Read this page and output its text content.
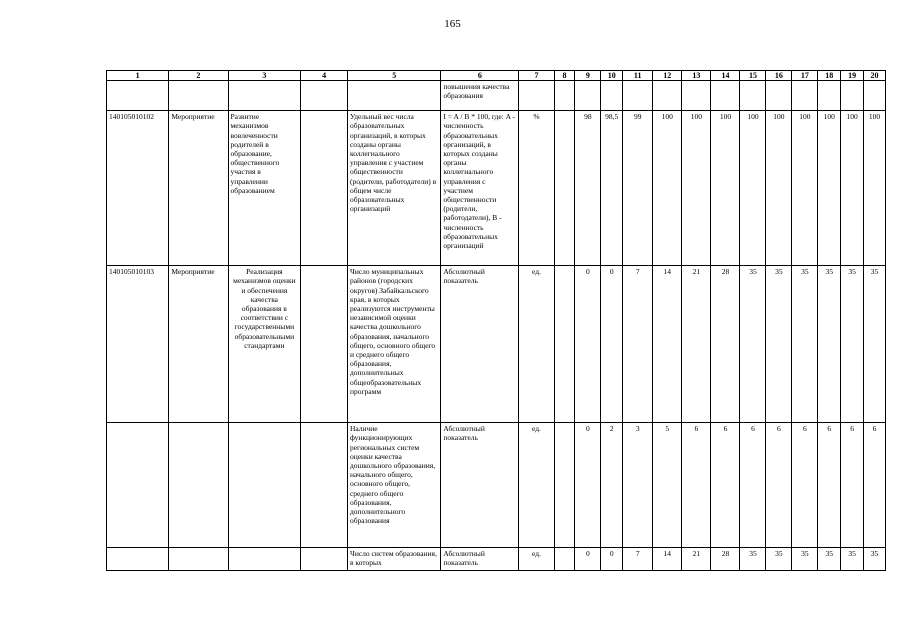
165
1	2	3	4	5	6	7	8	9	10	11	12	13	14	15	16	17	18	19	20
					повышения качества образования														
140105010102	Мероприятие	Развитие механизмов вовлеченности родителей в образование, общественного участия в управлении образованием		Удельный вес числа образовательных организаций, в которых созданы органы коллегиального управления с участием общественности (родители, работодатели) в общем числе образовательных организаций	I = A / B * 100, где: A - численность образовательных организаций, в которых созданы органы коллегиального управления с участием общественности (родители, работодатели), B - численность образовательных организаций	%		98	98,5	99	100	100	100	100	100	100	100	100	100
140105010103	Мероприятие	Реализация механизмов оценки и обеспечения качества образования в соответствии с государственными образовательными стандартами		Число муниципальных районов (городских округов) Забайкальского края, в которых реализуются инструменты независимой оценки качества дошкольного образования, начального общего, основного общего и среднего общего образования, дополнительных общеобразовательных программ	Абсолютный показатель	ед.		0	0	7	14	21	28	35	35	35	35	35	35
				Наличие функционирующих региональных систем оценки качества дошкольного образования, начального общего, основного общего, среднего общего образования, дополнительного образования	Абсолютный показатель	ед.		0	2	3	5	6	6	6	6	6	6	6	6
				Число систем образования, в которых	Абсолютный показатель	ед.		0	0	7	14	21	28	35	35	35	35	35	35
